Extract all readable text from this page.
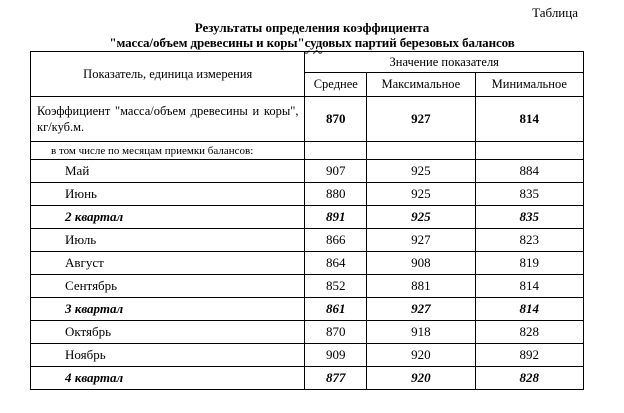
Таблица
Результаты определения коэффициента
"масса/объем древесины и коры"судовых партий березовых балансов
Показатель, единица измерения	Значение показателя		
	Среднее	Максимальное	Минимальное
Коэффициент "масса/объем древесины и коры", кг/куб.м.	870	927	814
в том числе по месяцам приемки балансов:			
Май	907	925	884
Июнь	880	925	835
2 квартал	891	925	835
Июль	866	927	823
Август	864	908	819
Сентябрь	852	881	814
3 квартал	861	927	814
Октябрь	870	918	828
Ноябрь	909	920	892
4 квартал	877	920	828
